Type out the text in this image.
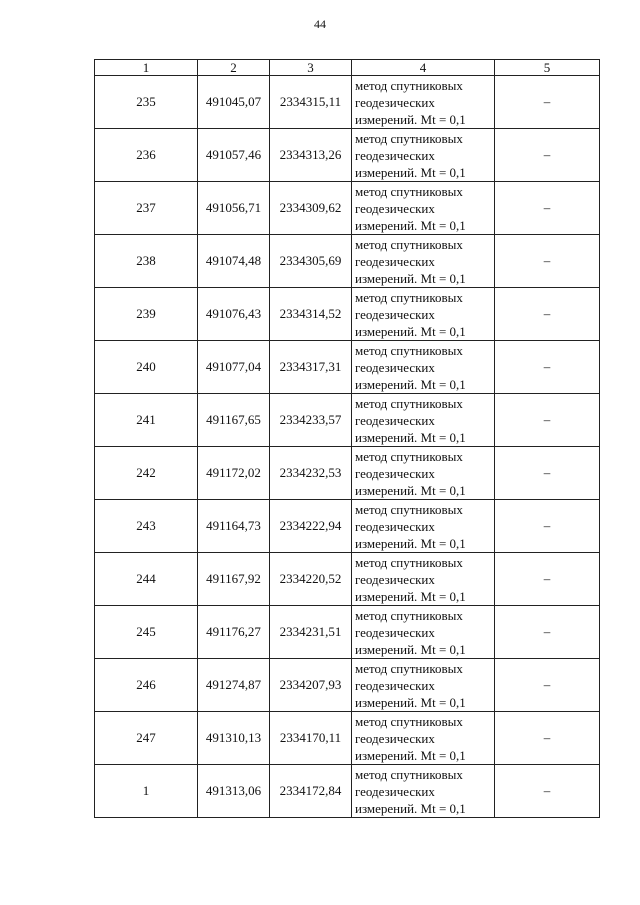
44
1	2	3	4	5
235	491045,07	2334315,11	метод спутниковых
геодезических
измерений. Mt = 0,1	–
236	491057,46	2334313,26	метод спутниковых
геодезических
измерений. Mt = 0,1	–
237	491056,71	2334309,62	метод спутниковых
геодезических
измерений. Mt = 0,1	–
238	491074,48	2334305,69	метод спутниковых
геодезических
измерений. Mt = 0,1	–
239	491076,43	2334314,52	метод спутниковых
геодезических
измерений. Mt = 0,1	–
240	491077,04	2334317,31	метод спутниковых
геодезических
измерений. Mt = 0,1	–
241	491167,65	2334233,57	метод спутниковых
геодезических
измерений. Mt = 0,1	–
242	491172,02	2334232,53	метод спутниковых
геодезических
измерений. Mt = 0,1	–
243	491164,73	2334222,94	метод спутниковых
геодезических
измерений. Mt = 0,1	–
244	491167,92	2334220,52	метод спутниковых
геодезических
измерений. Mt = 0,1	–
245	491176,27	2334231,51	метод спутниковых
геодезических
измерений. Mt = 0,1	–
246	491274,87	2334207,93	метод спутниковых
геодезических
измерений. Mt = 0,1	–
247	491310,13	2334170,11	метод спутниковых
геодезических
измерений. Mt = 0,1	–
1	491313,06	2334172,84	метод спутниковых
геодезических
измерений. Mt = 0,1	–
